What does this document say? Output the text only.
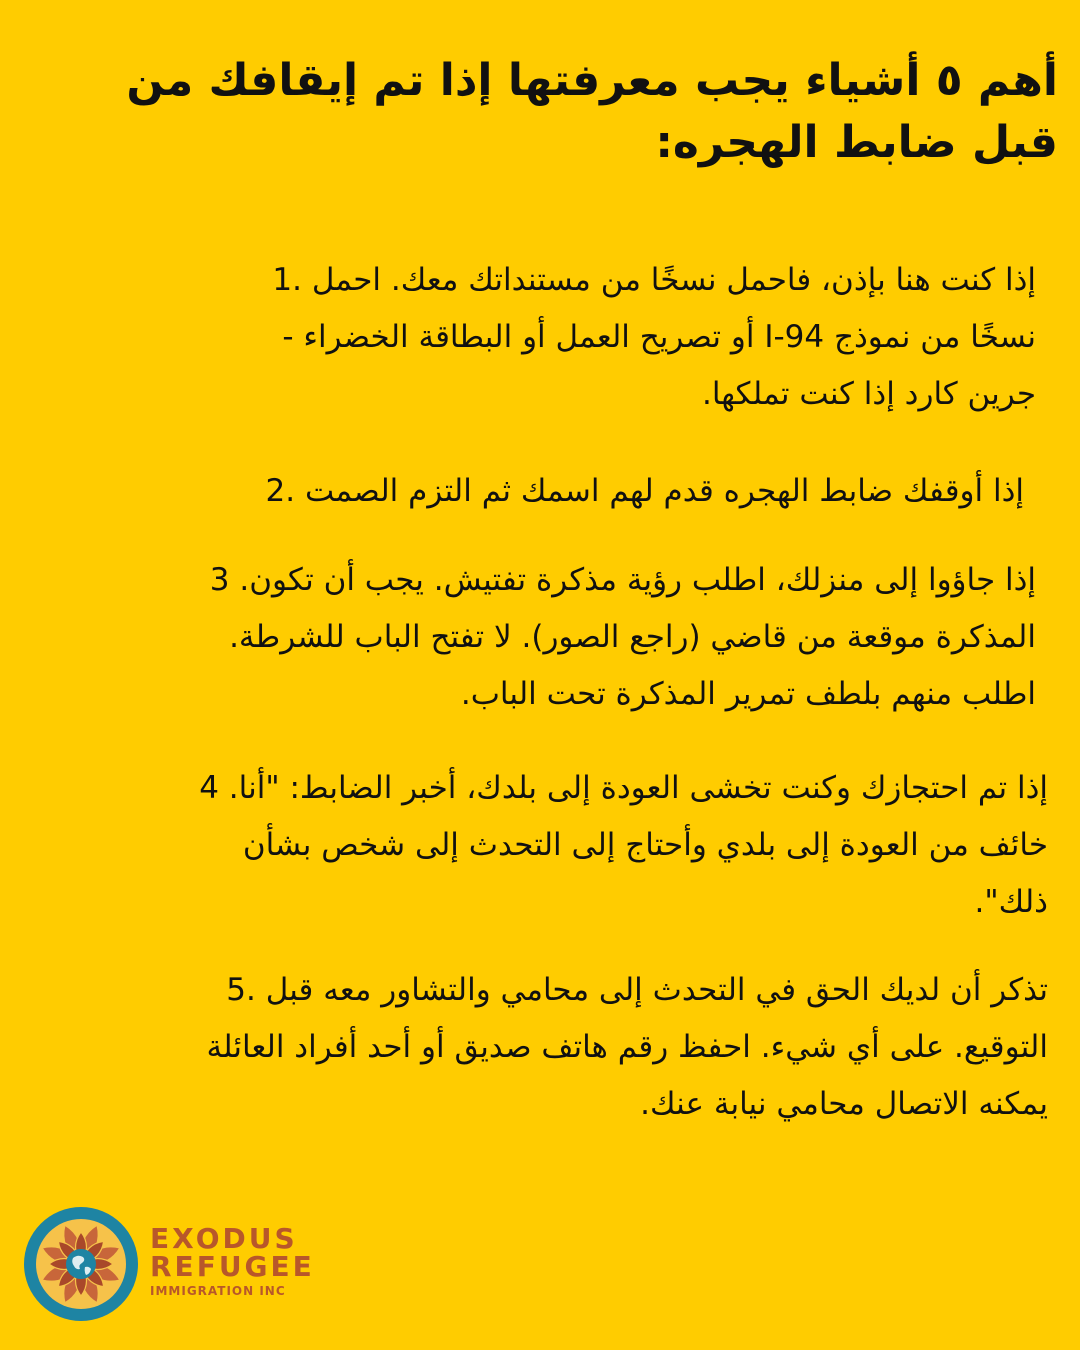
أهم ٥ أشياء يجب معرفتها إذا تم إيقافك من قبل ضابط الهجره:

إذا كنت هنا بإذن، فاحمل نسخًا من مستنداتك معك. احمل .1
نسخًا من نموذج 94-I أو تصريح العمل أو البطاقة الخضراء -
جرين كارد إذا كنت تملكها.

إذا أوقفك ضابط الهجره قدم لهم اسمك ثم التزم الصمت .2

إذا جاؤوا إلى منزلك، اطلب رؤية مذكرة تفتيش. يجب أن تكون. 3
المذكرة موقعة من قاضي (راجع الصور). لا تفتح الباب للشرطة.
اطلب منهم بلطف تمرير المذكرة تحت الباب.

إذا تم احتجازك وكنت تخشى العودة إلى بلدك، أخبر الضابط: "أنا. 4
خائف من العودة إلى بلدي وأحتاج إلى التحدث إلى شخص بشأن
ذلك".

تذكر أن لديك الحق في التحدث إلى محامي والتشاور معه قبل .5
التوقيع. على أي شيء. احفظ رقم هاتف صديق أو أحد أفراد العائلة
يمكنه الاتصال محامي نيابة عنك.

EXODUS
REFUGEE
IMMIGRATION INC
